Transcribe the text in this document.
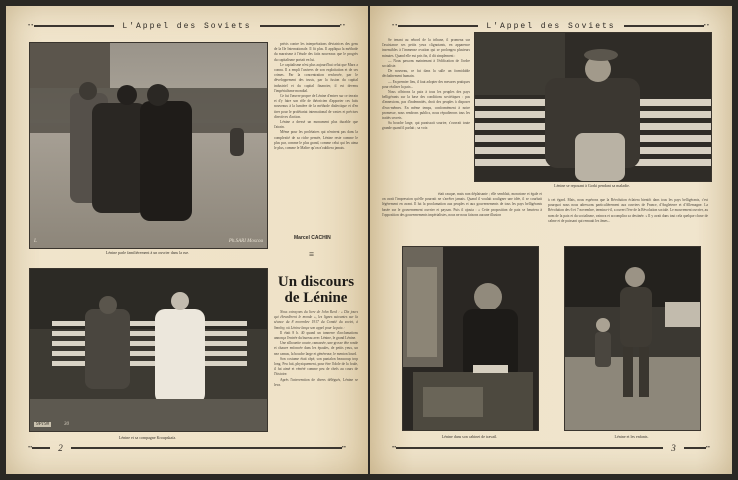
••	L'Appel des Soviets	••
Ph.SARI Moscou
L
Lénine parle familièrement à un ouvrier dans la rue.

précis contre les interprétations déviatrices des gens de la IIe Internationale. Il fit plus. Il appliqua la méthode du marxisme à l'étude des faits nouveaux que le progrès du capitalisme portait en lui.

Le capitalisme n'est plus aujourd'hui celui que Marx a connu. Il a empli l'univers de son exploitation et de ses crimes. Par la concentration renforcée, par le développement des trusts, par la fusion du capital industriel et du capital financier, il est devenu l'impérialisme mondial.

Ce fut l'œuvre propre de Lénine d'entrer sur ce terrain et d'y faire son rôle de théoricien d'apporter ces faits nouveaux à la lumière de la méthode dialectique et d'en tirer pour le prolétariat international de vastes et précises directives d'action.

Lénine a dressé un monument plus durable que l'airain.

Même pour les prolétaires qui n'entrent pas dans la complexité de sa riche pensée, Lénine reste comme le plus pur, comme le plus grand, comme celui qui les aima le plus, comme le Maître qu'on n'oubliera jamais.

Marcel CACHIN
≡
9P198	30
Lénine et sa compagne Kroupskaïa.
Un discours
de Lénine

Nous extrayons du livre de John Reed : « Dix jours qui ébranlèrent le monde », les lignes suivantes sur la séance du 8 novembre 1917 du Comité du soviet, à Smolny, où Lénine lança son appel pour la paix :

Il était 8 h. 40 quand un tonnerre d'acclamations annonça l'entrée du bureau avec Lénine, le grand Lénine.

Une silhouette courte, ramassée, une grosse tête ronde et chauve enfoncée dans les épaules, de petits yeux, un nez camus, la bouche large et généreuse, le menton lourd.

Son costume était râpé, son pantalon beaucoup trop long. Peu fait, physiquement, pour être l'idole de la foule, il fut aimé et vénéré comme peu de chefs au cours de l'histoire.

Après l'intervention de divers délégués, Lénine se leva.

••	2	••
••	L'Appel des Soviets	••

Se tenant au rebord de la tribune, il promena sur l'assistance ses petits yeux clignotants, en apparence insensibles à l'immense ovation qui se prolongea plusieurs minutes. Quand elle eut pris fin, il dit simplement :

— Nous passons maintenant à l'édification de l'ordre socialiste.

De nouveau, ce fut dans la salle un formidable déchaînement humain.

— En premier lieu, il faut adopter des mesures pratiques pour réaliser la paix...

Nous offrirons la paix à tous les peuples des pays belligérants sur la base des conditions soviétiques : pas d'annexions, pas d'indemnités, droit des peuples à disposer d'eux-mêmes. En même temps, conformément à notre promesse, nous rendrons publics, nous répudierons tous les traités secrets.

Sa bouche large, qui paraissait sourire, s'ouvrait toute grande quand il parlait ; sa voix

Lénine se reposant à Gorki pendant sa maladie.
était rauque, mais non déplaisante ; elle semblait, monotone et égale et on avait l'impression qu'elle pourrait ne s'arrêter jamais. Quand il voulait souligner une idée, il se courbait légèrement en avant. Il lut la proclamation aux peuples et aux gouvernements de tous les pays belligérants basée sur le gouvernement ouvrier et paysan. Puis il ajouta : « Cette proposition de paix se heurtera à l'opposition des gouvernements impérialistes, nous ne nous faisons aucune illusion
à cet égard. Mais, nous espérons que la Révolution éclatera bientôt dans tous les pays belligérants, c'est pourquoi nous nous adressons particulièrement aux ouvriers de France, d'Angleterre et d'Allemagne. La Révolution des 6 et 7 novembre, termina-t-il, a ouvert l'ère de la Révolution sociale. Le mouvement ouvrier, au nom de la paix et du socialisme, vaincra et accomplira sa destinée. » Il y avait dans tout cela quelque chose de calme et de puissant qui remuait les âmes...
Lénine dans son cabinet de travail.	Lénine et les enfants.
••	3	••
